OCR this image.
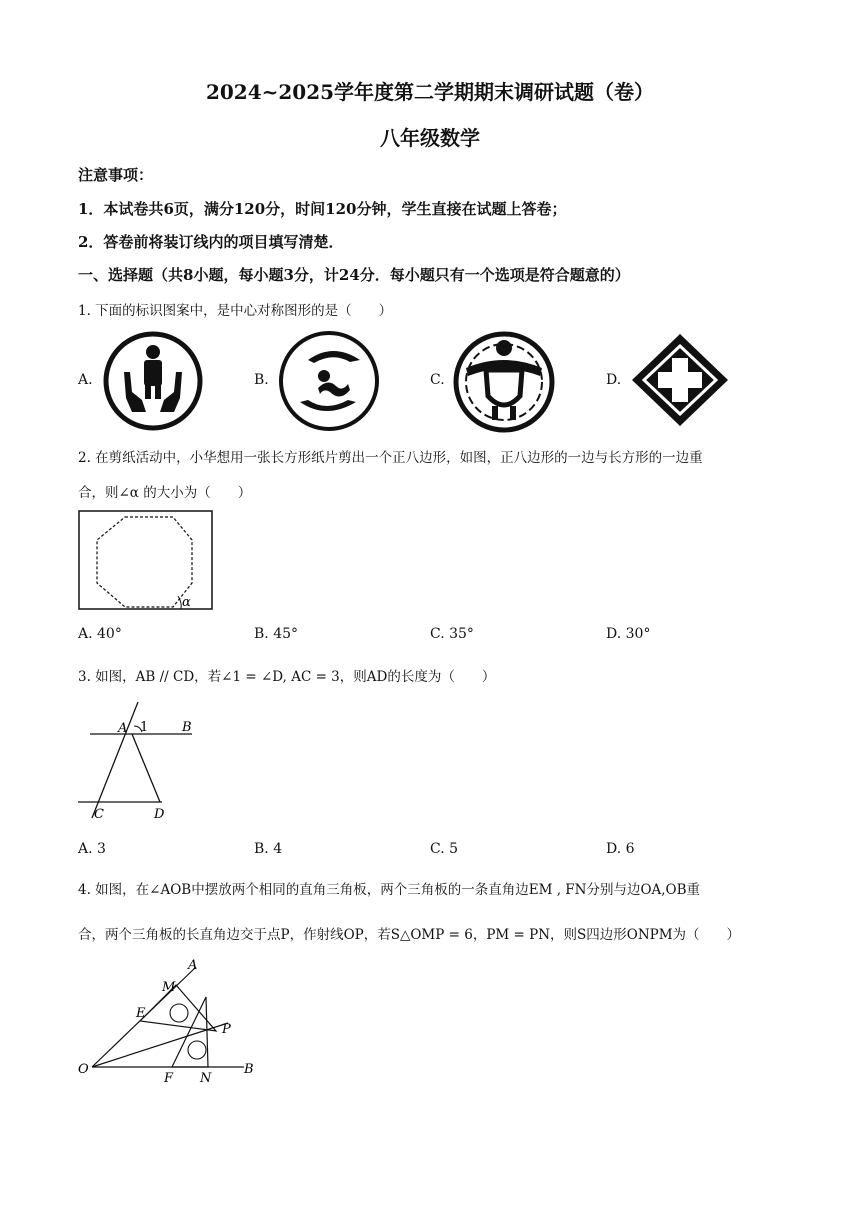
2024~2025学年度第二学期期末调研试题（卷）
八年级数学
注意事项：
1．本试卷共6页，满分120分，时间120分钟，学生直接在试题上答卷；
2．答卷前将装订线内的项目填写清楚．
一、选择题（共8小题，每小题3分，计24分．每小题只有一个选项是符合题意的）
1. 下面的标识图案中，是中心对称图形的是（　　）
A.	B.	C.	D.
2. 在剪纸活动中，小华想用一张长方形纸片剪出一个正八边形，如图，正八边形的一边与长方形的一边重
合，则∠α 的大小为（　　）
α
A. 40°	B. 45°	C. 35°	D. 30°
3. 如图，AB // CD，若∠1 = ∠D, AC = 3，则AD的长度为（　　）
A 1	B
C	D
A. 3	B. 4	C. 5	D. 6
4. 如图，在∠AOB中摆放两个相同的直角三角板，两个三角板的一条直角边EM , FN分别与边OA,OB重
合，两个三角板的长直角边交于点P，作射线OP，若S△OMP = 6，PM = PN，则S四边形ONPM为（　　）
A
M
E
P
O
F N
B
